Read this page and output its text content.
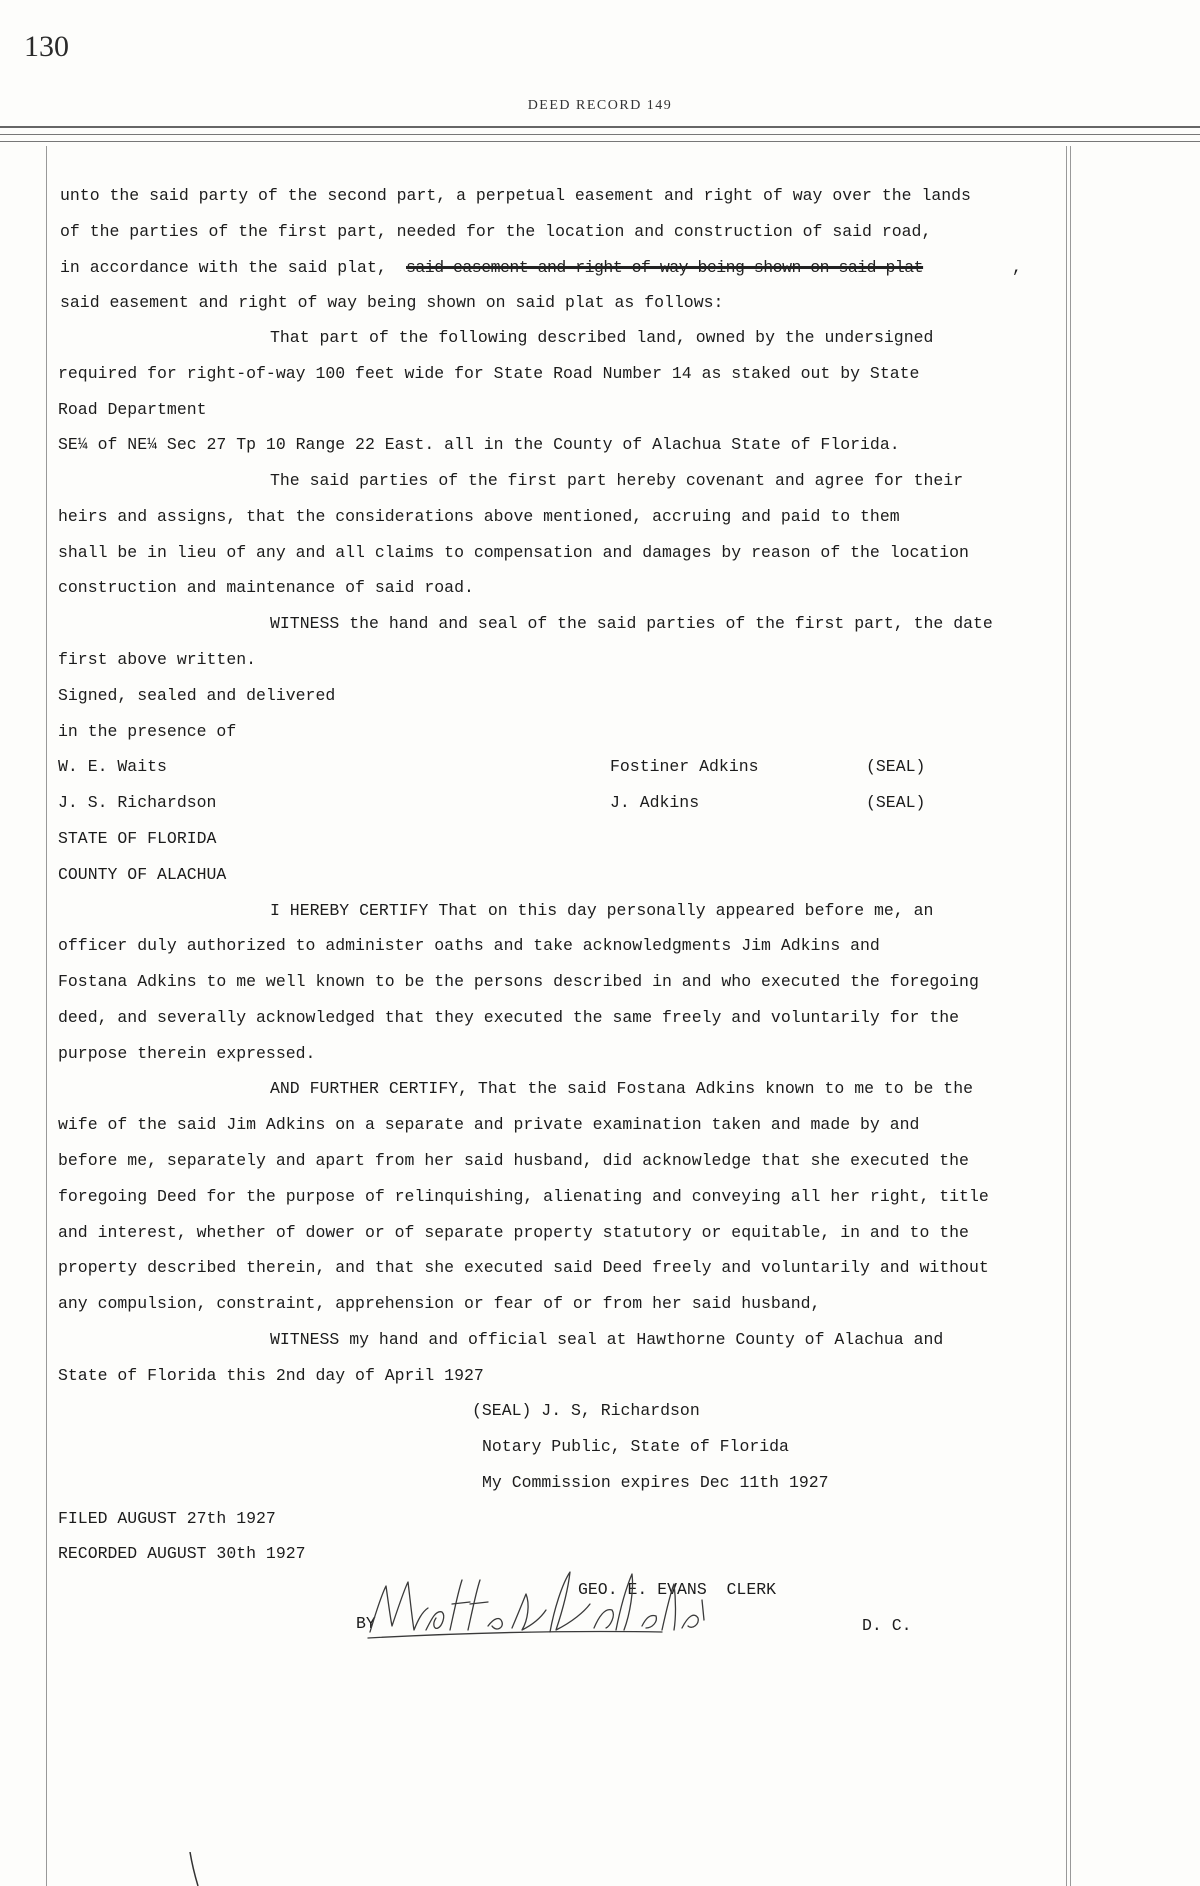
130
DEED RECORD 149
unto the said party of the second part, a perpetual easement and right of way over the lands
of the parties of the first part, needed for the location and construction of said road,
in accordance with the said plat, said easement and right of way being shown on said plat	,
said easement and right of way being shown on said plat as follows:
That part of the following described land, owned by the undersigned
required for right-of-way 100 feet wide for State Road Number 14 as staked out by State
Road Department
SE¼ of NE¼ Sec 27 Tp 10 Range 22 East. all in the County of Alachua State of Florida.
The said parties of the first part hereby covenant and agree for their
heirs and assigns, that the considerations above mentioned, accruing and paid to them
shall be in lieu of any and all claims to compensation and damages by reason of the location
construction and maintenance of said road.
WITNESS the hand and seal of the said parties of the first part, the date
first above written.
Signed, sealed and delivered
in the presence of
W. E. Waits	Fostiner Adkins	(SEAL)
J. S. Richardson	J. Adkins	(SEAL)
STATE OF FLORIDA
COUNTY OF ALACHUA
I HEREBY CERTIFY That on this day personally appeared before me, an
officer duly authorized to administer oaths and take acknowledgments Jim Adkins and
Fostana Adkins to me well known to be the persons described in and who executed the foregoing
deed, and severally acknowledged that they executed the same freely and voluntarily for the
purpose therein expressed.
AND FURTHER CERTIFY, That the said Fostana Adkins known to me to be the
wife of the said Jim Adkins on a separate and private examination taken and made by and
before me, separately and apart from her said husband, did acknowledge that she executed the
foregoing Deed for the purpose of relinquishing, alienating and conveying all her right, title
and interest, whether of dower or of separate property statutory or equitable, in and to the
property described therein, and that she executed said Deed freely and voluntarily and without
any compulsion, constraint, apprehension or fear of or from her said husband,
WITNESS my hand and official seal at Hawthorne County of Alachua and
State of Florida this 2nd day of April 1927
(SEAL) J. S, Richardson
Notary Public, State of Florida
My Commission expires Dec 11th 1927
FILED AUGUST 27th 1927
RECORDED AUGUST 30th 1927
GEO. E. EVANS  CLERK
BY	D. C.
